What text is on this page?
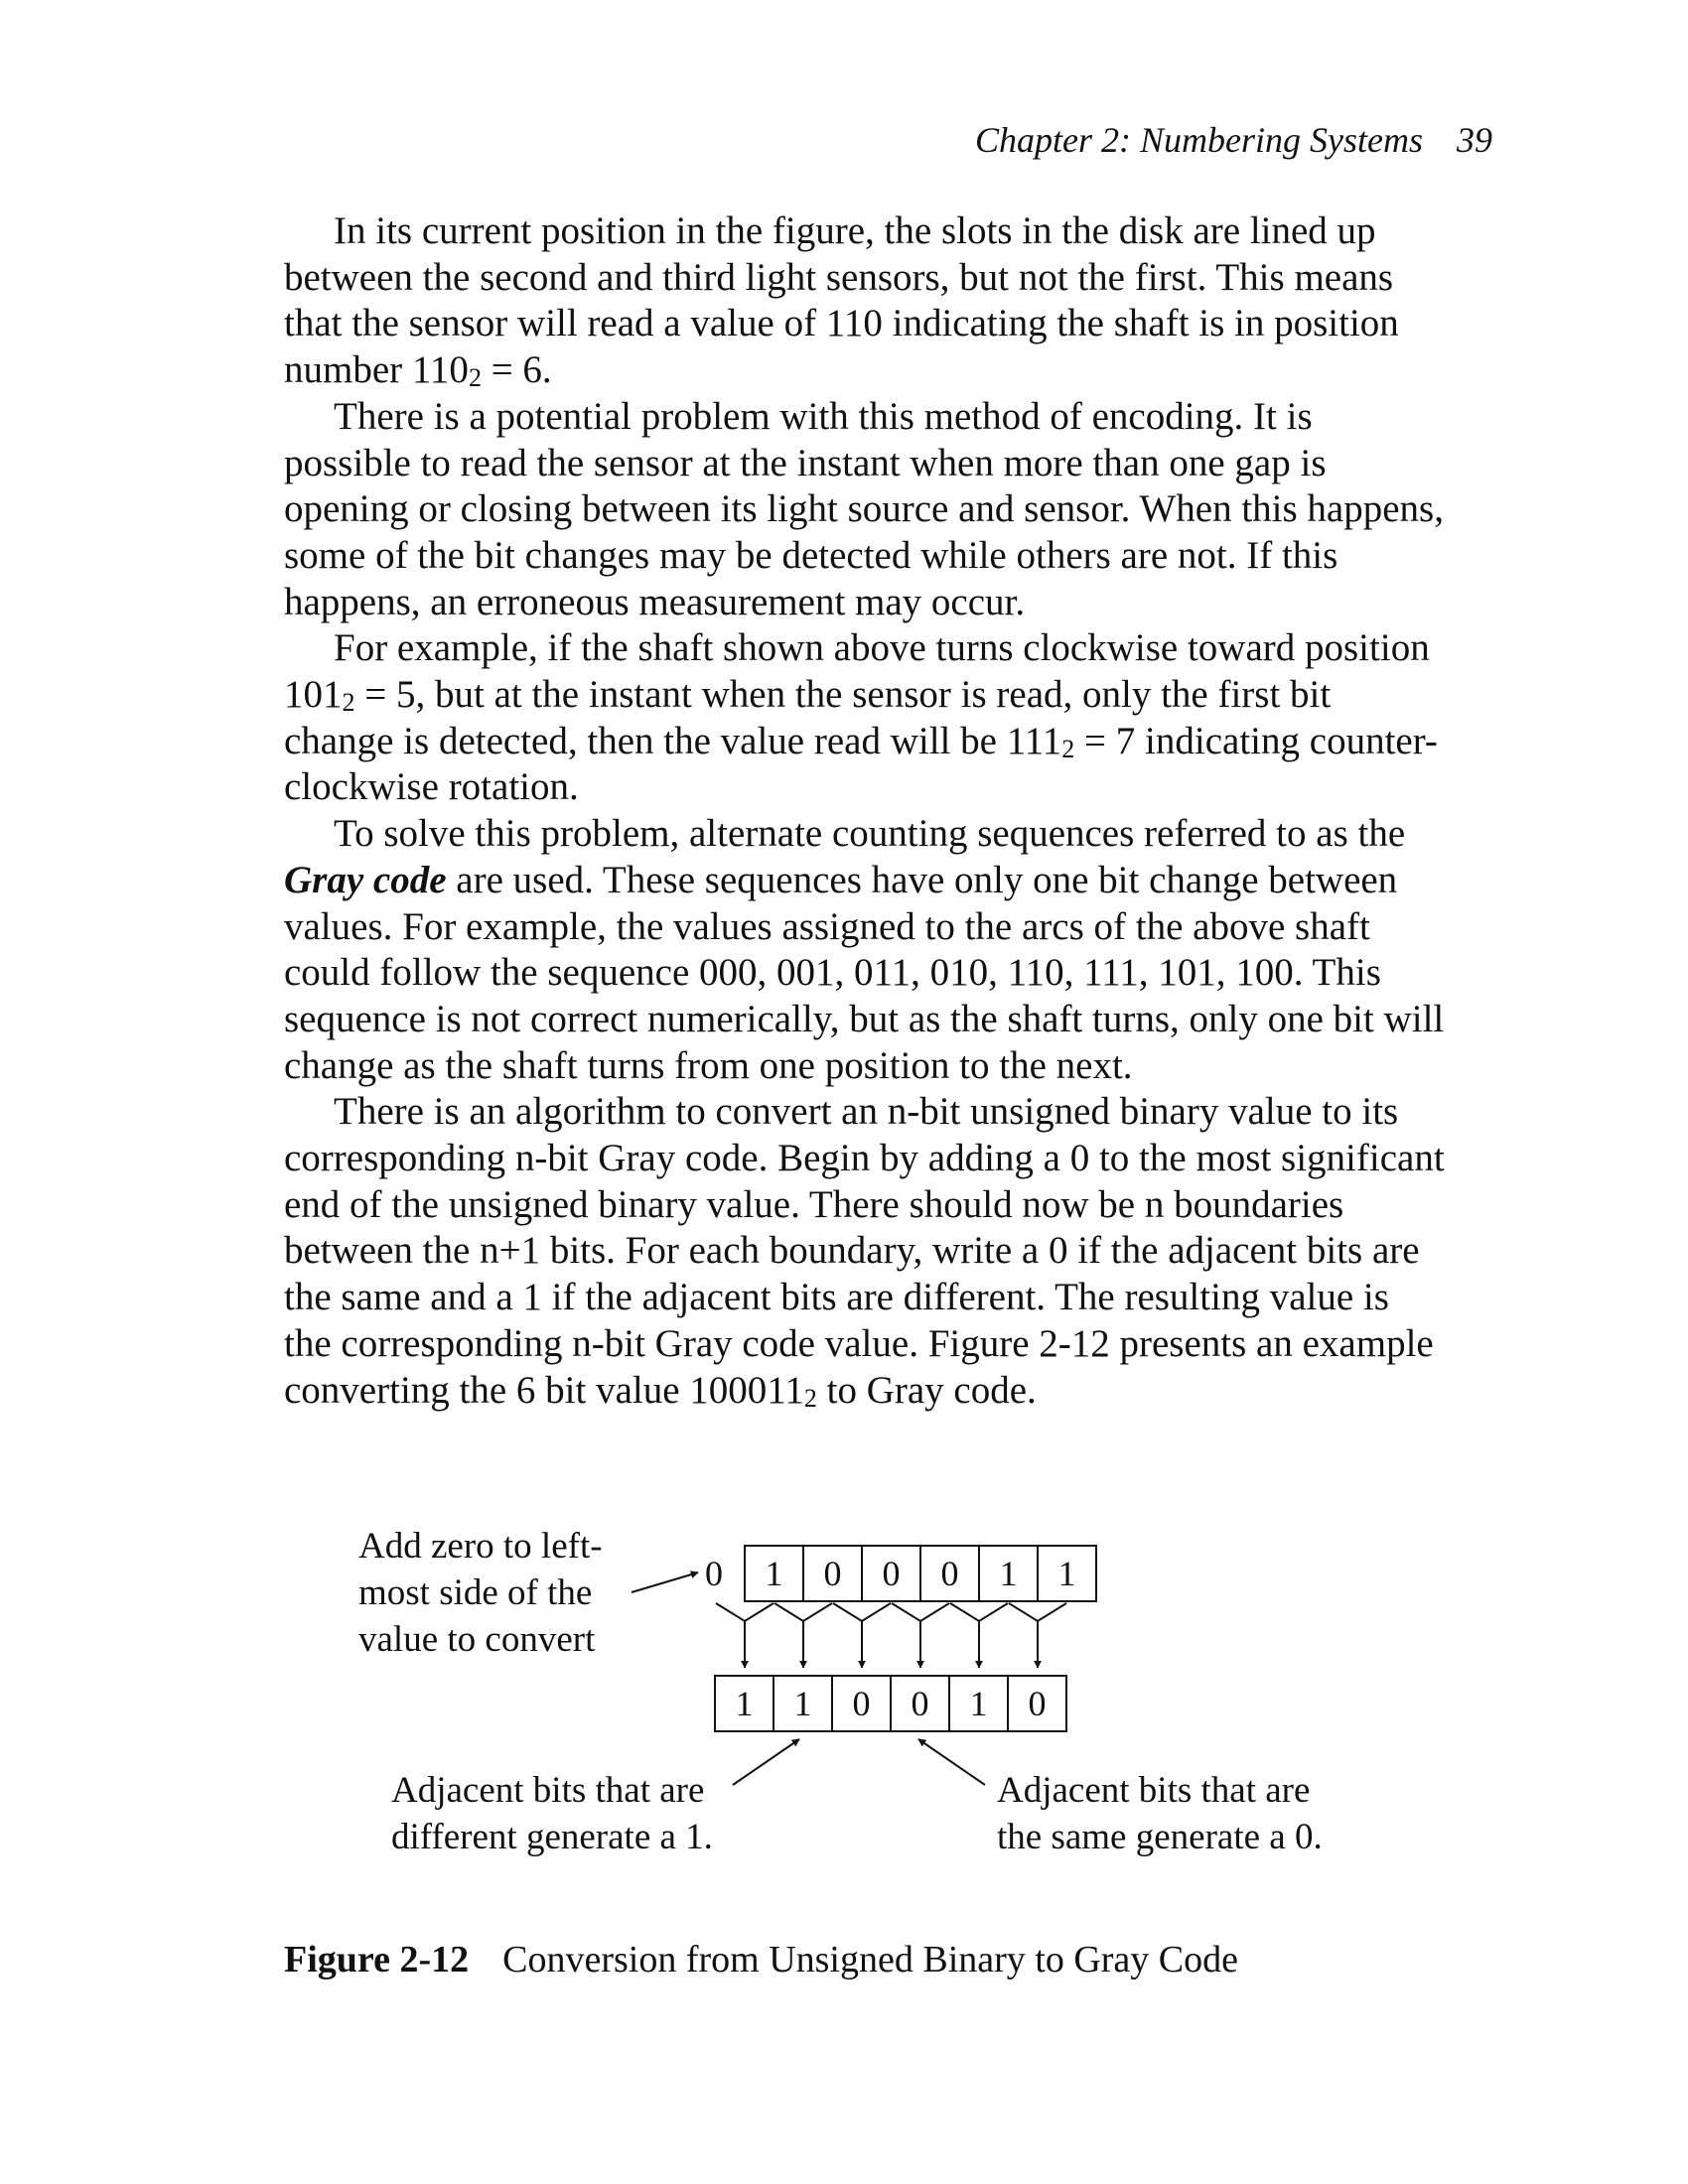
Chapter 2: Numbering Systems 39

In its current position in the figure, the slots in the disk are lined up between the second and third light sensors, but not the first. This means that the sensor will read a value of 110 indicating the shaft is in position number $110_2 = 6$.

There is a potential problem with this method of encoding. It is possible to read the sensor at the instant when more than one gap is opening or closing between its light source and sensor. When this happens, some of the bit changes may be detected while others are not. If this happens, an erroneous measurement may occur.

For example, if the shaft shown above turns clockwise toward position $101_2 = 5$, but at the instant when the sensor is read, only the first bit change is detected, then the value read will be $111_2 = 7$ indicating counter-clockwise rotation.

To solve this problem, alternate counting sequences referred to as the Gray code are used. These sequences have only one bit change between values. For example, the values assigned to the arcs of the above shaft could follow the sequence 000, 001, 011, 010, 110, 111, 101, 100. This sequence is not correct numerically, but as the shaft turns, only one bit will change as the shaft turns from one position to the next.

There is an algorithm to convert an n-bit unsigned binary value to its corresponding n-bit Gray code. Begin by adding a 0 to the most significant end of the unsigned binary value. There should now be n boundaries between the n+1 bits. For each boundary, write a 0 if the adjacent bits are the same and a 1 if the adjacent bits are different. The resulting value is the corresponding n-bit Gray code value. Figure 2-12 presents an example converting the 6 bit value $100011_2$ to Gray code.

0 1 0 0 0 1 1
1 1 0 0 1 0
Add zero to left-
most side of the
value to convert
Adjacent bits that are
different generate a 1.
Adjacent bits that are
the same generate a 0.
Figure 2-12 Conversion from Unsigned Binary to Gray Code
